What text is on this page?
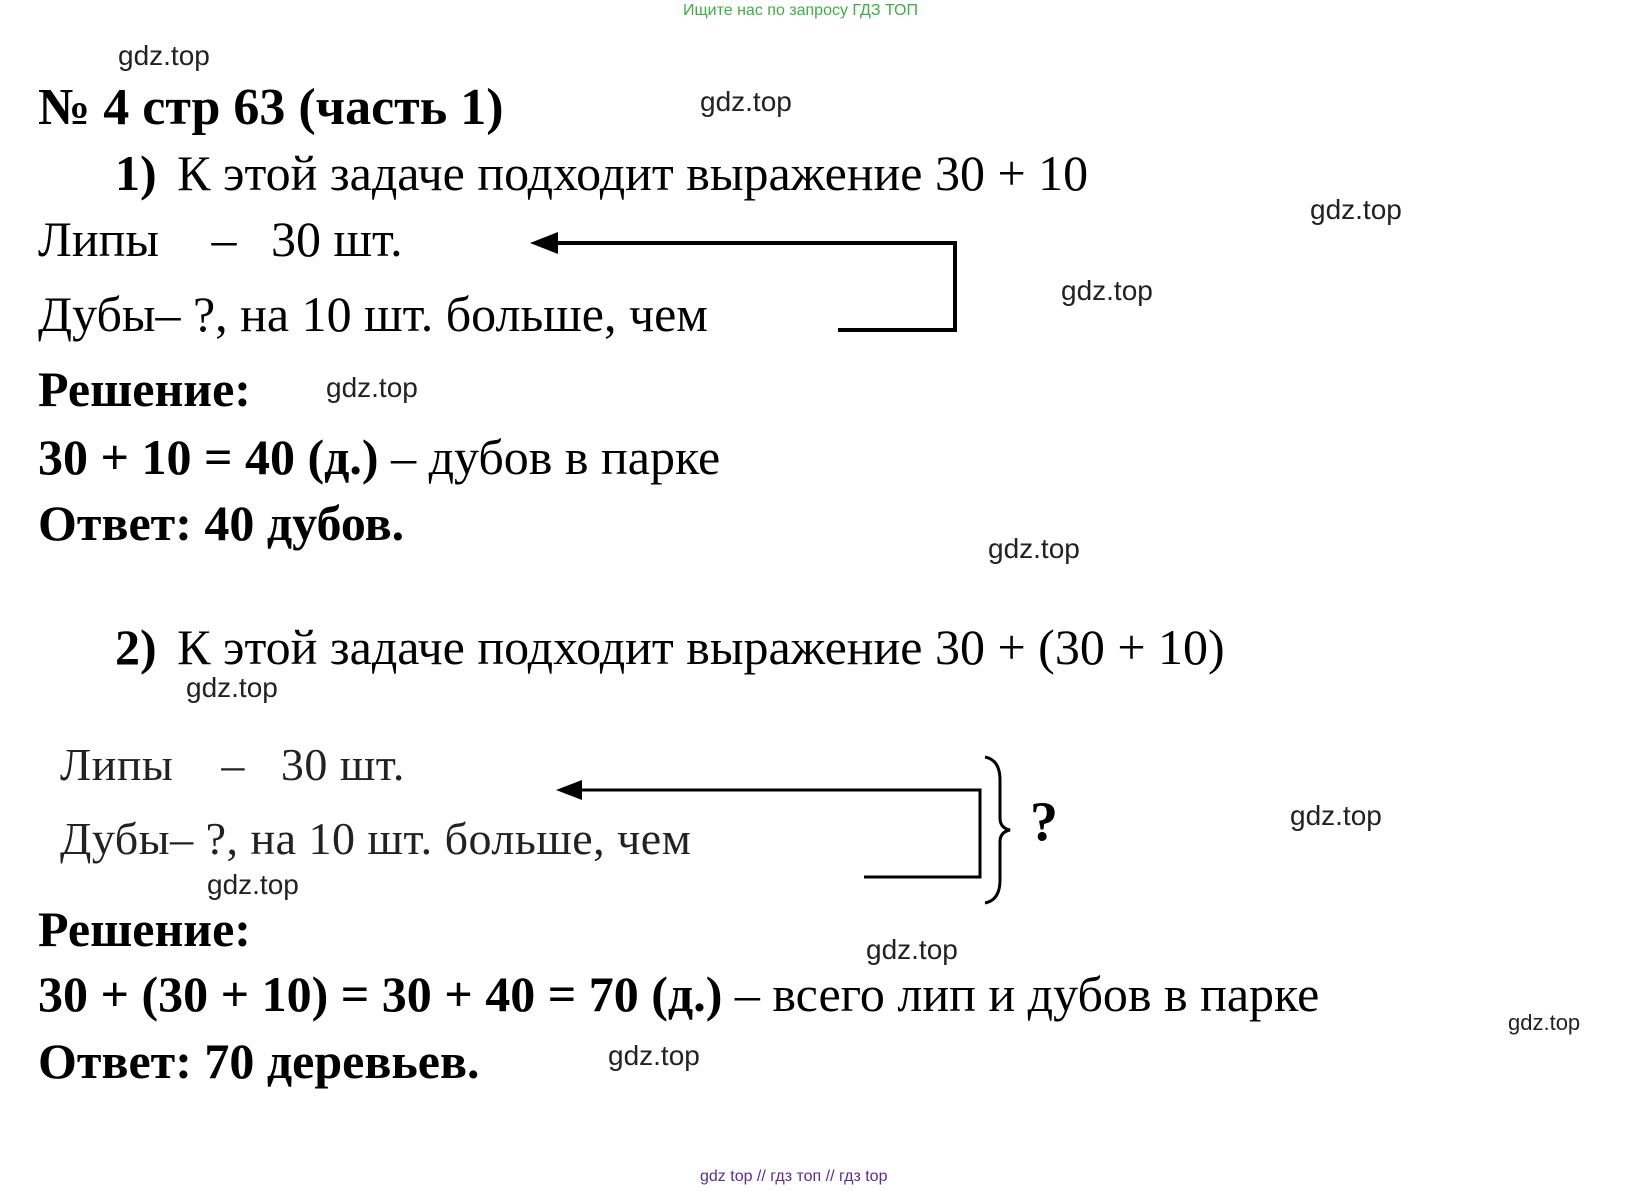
Ищите нас по запросу ГДЗ ТОП
gdz.top
gdz.top
gdz.top
gdz.top
gdz.top
gdz.top
gdz.top
gdz.top
gdz.top
gdz.top
gdz.top
gdz.top
№ 4 стр 63 (часть 1)
1) К этой задаче подходит выражение 30 + 10
Липы – 30 шт.
Дубы– ?, на 10 шт. больше, чем
Решение:
30 + 10 = 40 (д.) – дубов в парке
Ответ: 40 дубов.
2) К этой задаче подходит выражение 30 + (30 + 10)
Липы – 30 шт.
Дубы– ?, на 10 шт. больше, чем	?
Решение:
30 + (30 + 10) = 30 + 40 = 70 (д.) – всего лип и дубов в парке
Ответ: 70 деревьев.
gdz top // гдз топ // гдз top
